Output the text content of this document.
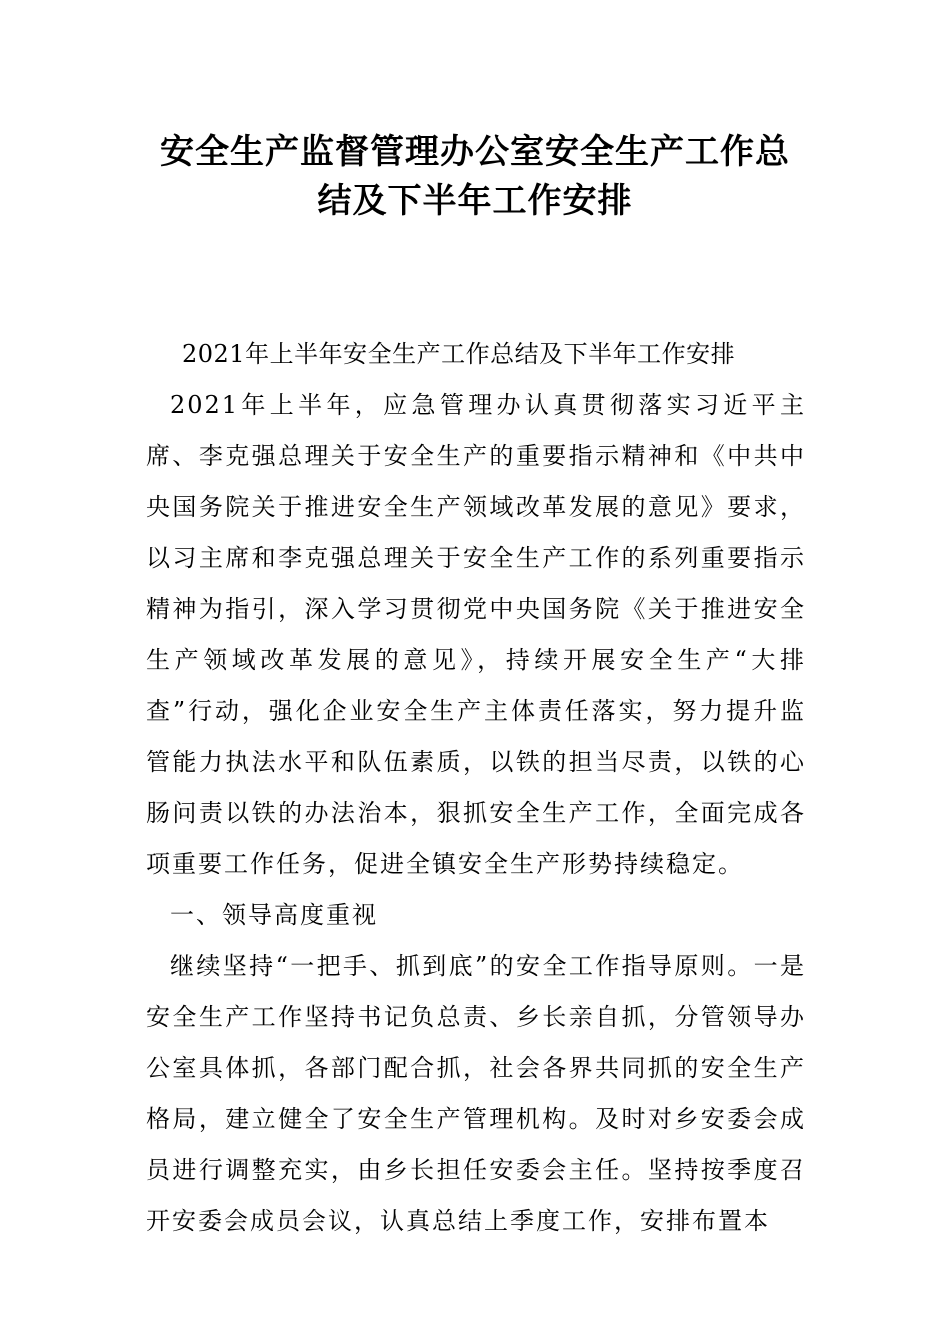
安全生产监督管理办公室安全生产工作总
结及下半年工作安排

2021年上半年安全生产工作总结及下半年工作安排

2021年上半年，应急管理办认真贯彻落实习近平主席、李克强总理关于安全生产的重要指示精神和《中共中央国务院关于推进安全生产领域改革发展的意见》要求，以习主席和李克强总理关于安全生产工作的系列重要指示精神为指引，深入学习贯彻党中央国务院《关于推进安全生产领域改革发展的意见》，持续开展安全生产“大排查”行动，强化企业安全生产主体责任落实，努力提升监管能力执法水平和队伍素质，以铁的担当尽责，以铁的心肠问责以铁的办法治本，狠抓安全生产工作，全面完成各项重要工作任务，促进全镇安全生产形势持续稳定。

一、领导高度重视

继续坚持“一把手、抓到底”的安全工作指导原则。一是安全生产工作坚持书记负总责、乡长亲自抓，分管领导办公室具体抓，各部门配合抓，社会各界共同抓的安全生产格局，建立健全了安全生产管理机构。及时对乡安委会成员进行调整充实，由乡长担任安委会主任。坚持按季度召开安委会成员会议，认真总结上季度工作，安排布置本
